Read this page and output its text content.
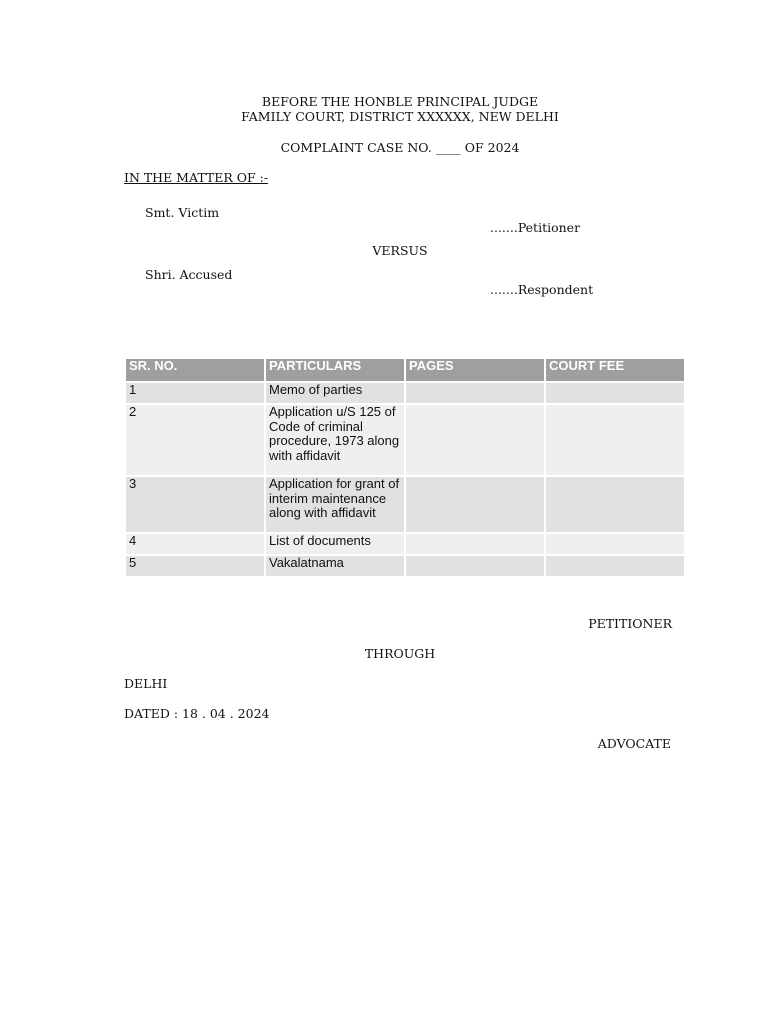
BEFORE THE HONBLE PRINCIPAL JUDGE
FAMILY COURT, DISTRICT XXXXXX, NEW DELHI
COMPLAINT CASE NO. ____ OF 2024
IN THE MATTER OF :-
Smt. Victim
.......Petitioner
VERSUS
Shri. Accused
.......Respondent
SR. NO.	PARTICULARS	PAGES	COURT FEE
1	Memo of parties		
2	Application u/S 125 of Code of criminal procedure, 1973 along with affidavit		
3	Application for grant of interim maintenance along with affidavit		
4	List of documents		
5	Vakalatnama		
PETITIONER
THROUGH
DELHI
DATED : 18 . 04 . 2024
ADVOCATE
